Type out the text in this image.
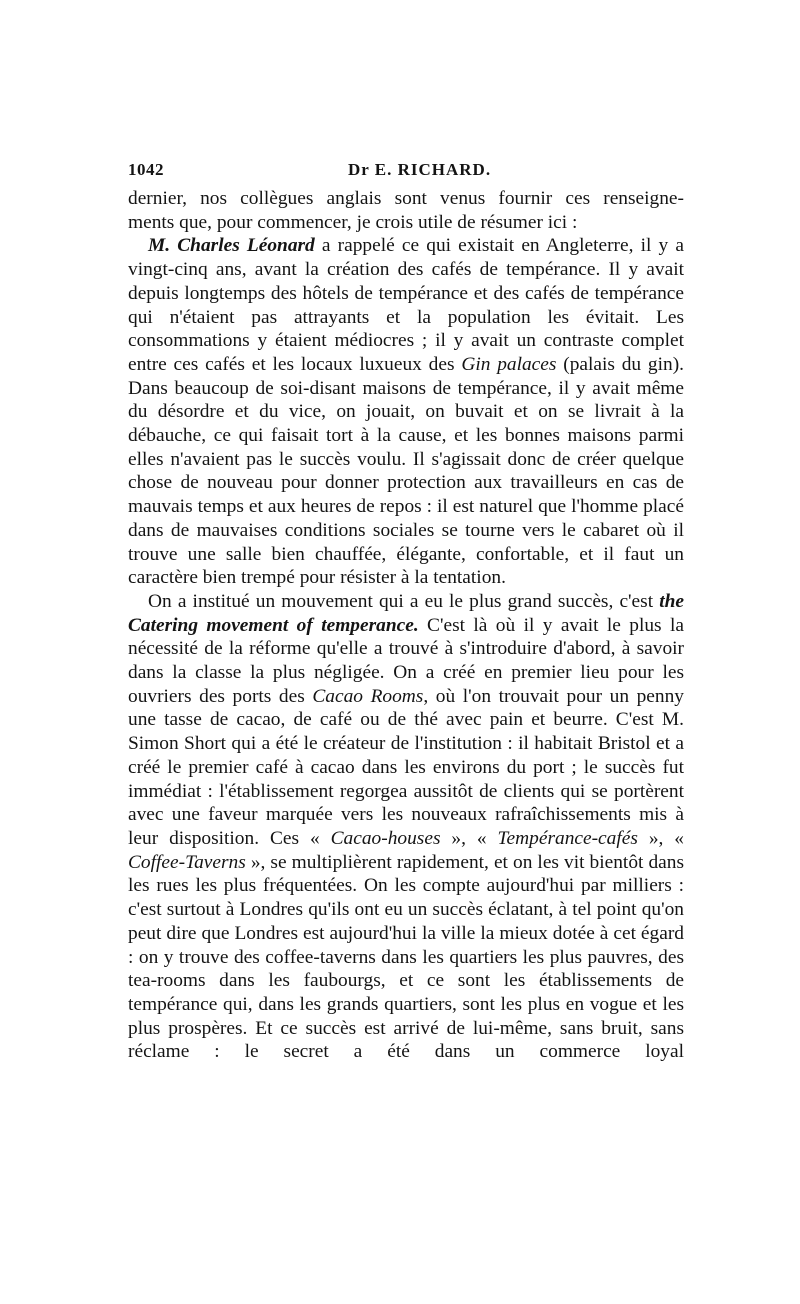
1042	Dr E. RICHARD.

dernier, nos collègues anglais sont venus fournir ces renseigne-

ments que, pour commencer, je crois utile de résumer ici :

M. Charles Léonard a rappelé ce qui existait en Angleterre, il y a vingt-cinq ans, avant la création des cafés de tempérance. Il y avait depuis longtemps des hôtels de tempérance et des cafés de tempérance qui n'étaient pas attrayants et la population les évitait. Les consommations y étaient médiocres ; il y avait un contraste complet entre ces cafés et les locaux luxueux des Gin palaces (palais du gin). Dans beaucoup de soi-disant maisons de tempérance, il y avait même du désordre et du vice, on jouait, on buvait et on se livrait à la débauche, ce qui faisait tort à la cause, et les bonnes maisons parmi elles n'avaient pas le succès voulu. Il s'agissait donc de créer quelque chose de nouveau pour donner protection aux travailleurs en cas de mauvais temps et aux heures de repos : il est naturel que l'homme placé dans de mauvaises conditions sociales se tourne vers le cabaret où il trouve une salle bien chauffée, élégante, confortable, et il faut un caractère bien trempé pour résister à la tentation.

On a institué un mouvement qui a eu le plus grand succès, c'est the Catering movement of temperance. C'est là où il y avait le plus la nécessité de la réforme qu'elle a trouvé à s'introduire d'abord, à savoir dans la classe la plus négligée. On a créé en premier lieu pour les ouvriers des ports des Cacao Rooms, où l'on trouvait pour un penny une tasse de cacao, de café ou de thé avec pain et beurre. C'est M. Simon Short qui a été le créateur de l'institution : il habitait Bristol et a créé le premier café à cacao dans les environs du port ; le succès fut immédiat : l'établissement regorgea aussitôt de clients qui se portèrent avec une faveur marquée vers les nouveaux rafraîchissements mis à leur disposition. Ces « Cacao-houses », « Tempérance-cafés », « Coffee-Taverns », se multiplièrent rapidement, et on les vit bientôt dans les rues les plus fréquentées. On les compte aujourd'hui par milliers : c'est surtout à Londres qu'ils ont eu un succès éclatant, à tel point qu'on peut dire que Londres est aujourd'hui la ville la mieux dotée à cet égard : on y trouve des coffee-taverns dans les quartiers les plus pauvres, des tea-rooms dans les faubourgs, et ce sont les établissements de tempérance qui, dans les grands quartiers, sont les plus en vogue et les plus prospères. Et ce succès est arrivé de lui-même, sans bruit, sans réclame : le secret a été dans un commerce loyal
